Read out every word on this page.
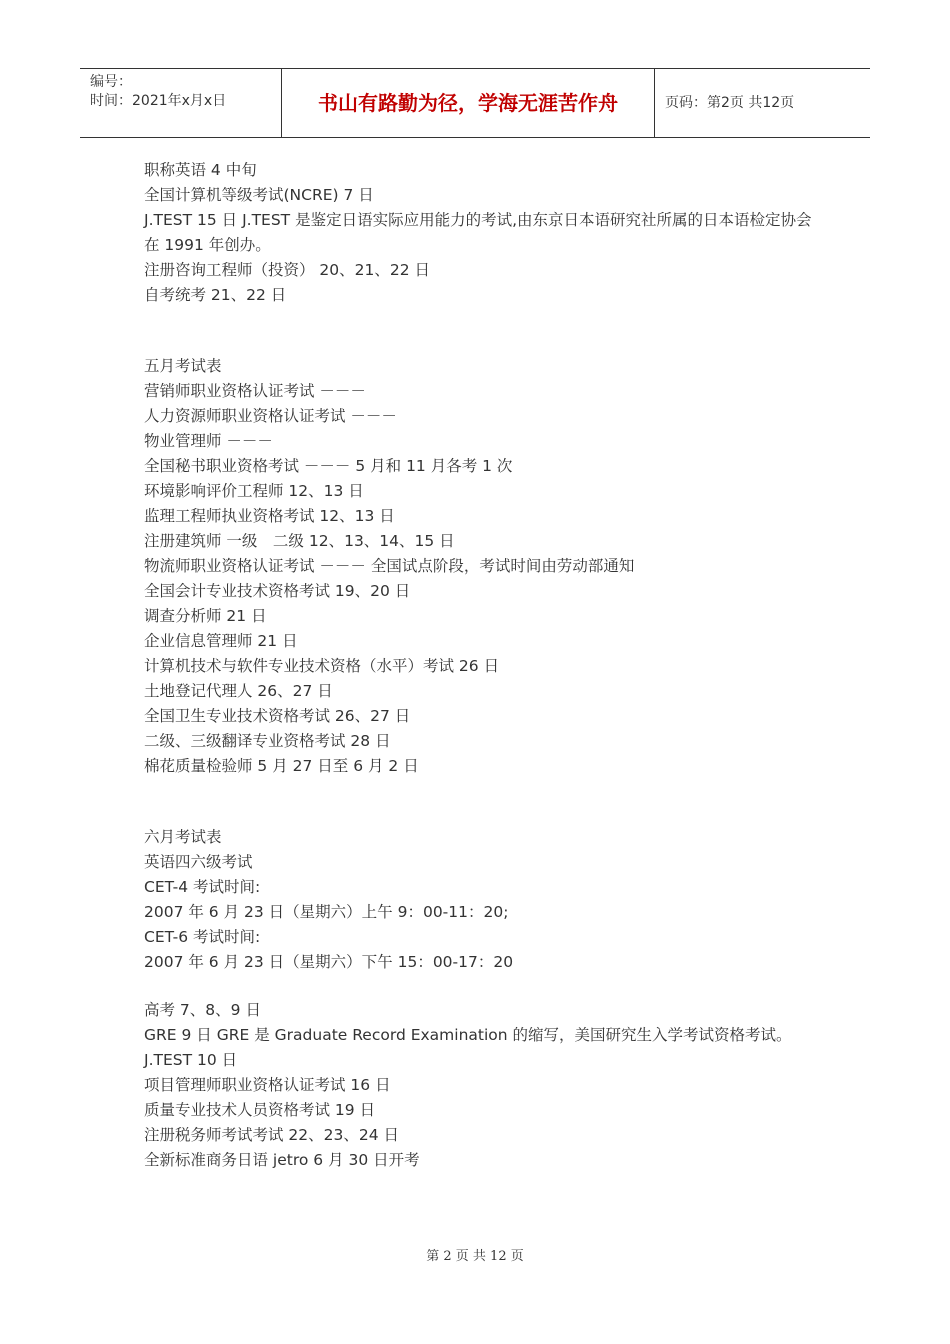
编号：
时间：2021年x月x日	书山有路勤为径，学海无涯苦作舟	页码：第2页 共12页
职称英语 4 中旬
全国计算机等级考试(NCRE) 7 日
J.TEST 15 日 J.TEST 是鉴定日语实际应用能力的考试,由东京日本语研究社所属的日本语检定协会在 1991 年创办。
注册咨询工程师（投资） 20、21、22 日
自考统考 21、22 日
五月考试表
营销师职业资格认证考试 －－－
人力资源师职业资格认证考试 －－－
物业管理师 －－－
全国秘书职业资格考试 －－－ 5 月和 11 月各考 1 次
环境影响评价工程师 12、13 日
监理工程师执业资格考试 12、13 日
注册建筑师 一级　二级 12、13、14、15 日
物流师职业资格认证考试 －－－ 全国试点阶段，考试时间由劳动部通知
全国会计专业技术资格考试 19、20 日
调查分析师 21 日
企业信息管理师 21 日
计算机技术与软件专业技术资格（水平）考试 26 日
土地登记代理人 26、27 日
全国卫生专业技术资格考试 26、27 日
二级、三级翻译专业资格考试 28 日
棉花质量检验师 5 月 27 日至 6 月 2 日
六月考试表
英语四六级考试
CET-4 考试时间:
2007 年 6 月 23 日（星期六）上午 9：00-11：20;
CET-6 考试时间:
2007 年 6 月 23 日（星期六）下午 15：00-17：20
高考 7、8、9 日
GRE 9 日 GRE 是 Graduate Record Examination 的缩写，美国研究生入学考试资格考试。
J.TEST 10 日
项目管理师职业资格认证考试 16 日
质量专业技术人员资格考试 19 日
注册税务师考试考试 22、23、24 日
全新标准商务日语 jetro 6 月 30 日开考
第 2 页 共 12 页
